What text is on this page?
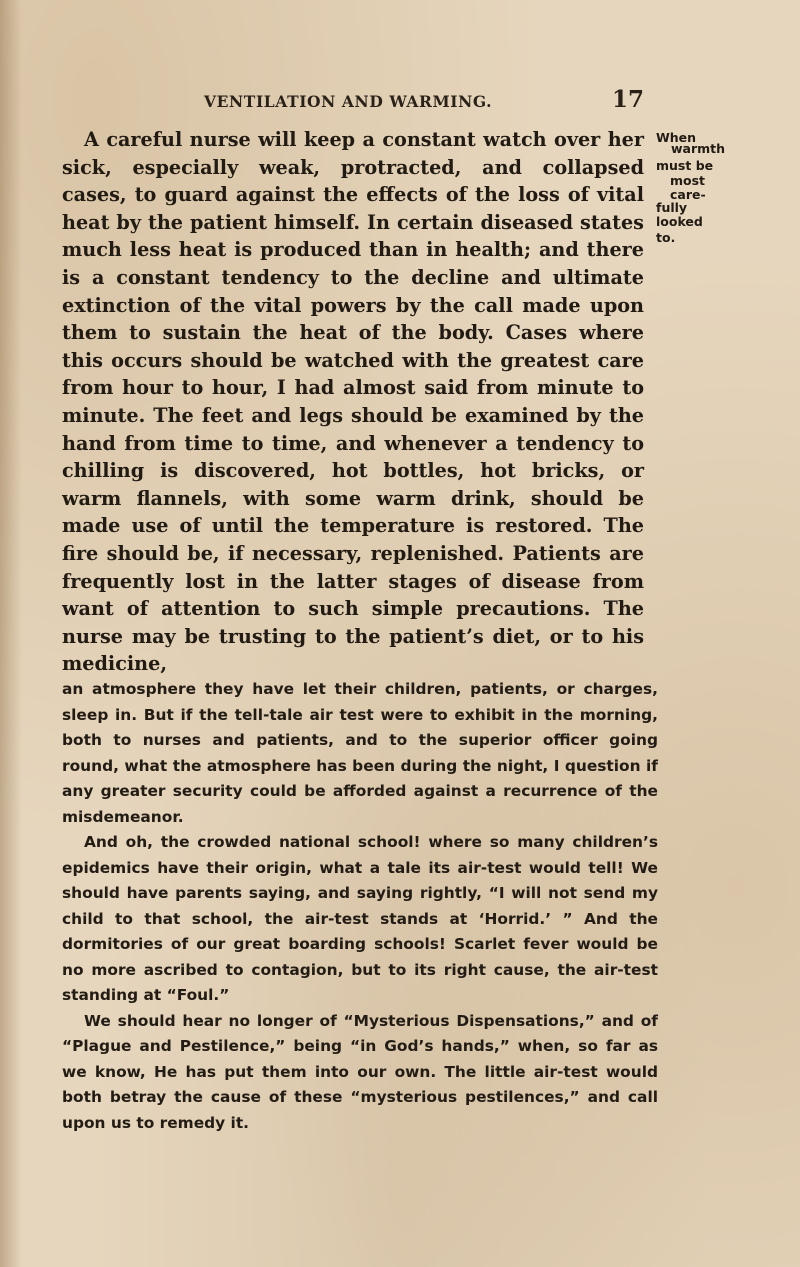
VENTILATION AND WARMING.	17

A careful nurse will keep a constant watch over her sick, especially weak, protracted, and collapsed cases, to guard against the effects of the loss of vital heat by the patient himself. In certain diseased states much less heat is produced than in health; and there is a constant tendency to the decline and ultimate extinction of the vital powers by the call made upon them to sustain the heat of the body. Cases where this occurs should be watched with the greatest care from hour to hour, I had almost said from minute to minute. The feet and legs should be examined by the hand from time to time, and whenever a tendency to chilling is discovered, hot bottles, hot bricks, or warm flannels, with some warm drink, should be made use of until the temperature is restored. The fire should be, if necessary, replenished. Patients are frequently lost in the latter stages of disease from want of attention to such simple precautions. The nurse may be trusting to the patient’s diet, or to his medicine,

When
warmth
must be
most care-
fully looked
to.

an atmosphere they have let their children, patients, or charges, sleep in. But if the tell-tale air test were to exhibit in the morning, both to nurses and patients, and to the superior officer going round, what the atmosphere has been during the night, I question if any greater security could be afforded against a recurrence of the misdemeanor.

And oh, the crowded national school! where so many children’s epidemics have their origin, what a tale its air-test would tell! We should have parents saying, and saying rightly, “I will not send my child to that school, the air-test stands at ‘Horrid.’ ” And the dormitories of our great boarding schools! Scarlet fever would be no more ascribed to contagion, but to its right cause, the air-test standing at “Foul.”

We should hear no longer of “Mysterious Dispensations,” and of “Plague and Pestilence,” being “in God’s hands,” when, so far as we know, He has put them into our own. The little air-test would both betray the cause of these “mysterious pestilences,” and call upon us to remedy it.
